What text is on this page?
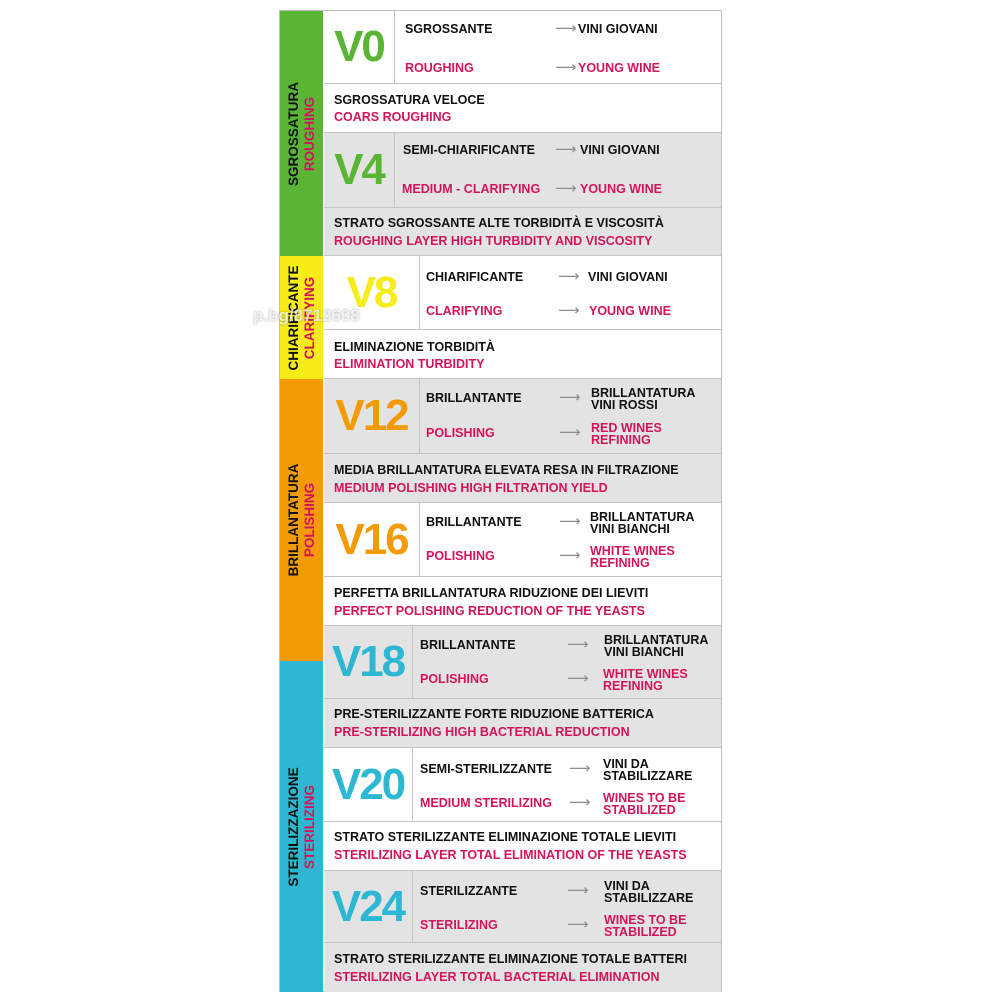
SGROSSATURA ROUGHING
CHIARIFICANTE CLARIFYING
BRILLANTATURA POLISHING
STERILIZZAZIONE STERILIZING
V0	SGROSSANTE	⟶ VINI GIOVANI
ROUGHING	⟶ YOUNG WINE
SGROSSATURA VELOCE
COARS ROUGHING
V4	SEMI-CHIARIFICANTE ⟶ VINI GIOVANI
MEDIUM - CLARIFYING ⟶ YOUNG WINE
STRATO SGROSSANTE ALTE TORBIDITÀ E VISCOSITÀ
ROUGHING LAYER HIGH TURBIDITY AND VISCOSITY
V8	CHIARIFICANTE ⟶ VINI GIOVANI
CLARIFYING	⟶ YOUNG WINE
ELIMINAZIONE TORBIDITÀ
ELIMINATION TURBIDITY
V12	BRILLANTANTE ⟶ BRILLANTATURA
VINI ROSSI
POLISHING	⟶ RED WINES
REFINING
MEDIA BRILLANTATURA ELEVATA RESA IN FILTRAZIONE
MEDIUM POLISHING HIGH FILTRATION YIELD
V16	BRILLANTANTE ⟶ BRILLANTATURA
VINI BIANCHI
POLISHING	⟶ WHITE WINES
REFINING
PERFETTA BRILLANTATURA RIDUZIONE DEI LIEVITI
PERFECT POLISHING REDUCTION OF THE YEASTS
V18	BRILLANTANTE	⟶ BRILLANTATURA
VINI BIANCHI
POLISHING	⟶ WHITE WINES
REFINING
PRE-STERILIZZANTE FORTE RIDUZIONE BATTERICA
PRE-STERILIZING HIGH BACTERIAL REDUCTION
V20	SEMI-STERILIZZANTE ⟶ VINI DA
STABILIZZARE
MEDIUM STERILIZING ⟶ WINES TO BE
STABILIZED
STRATO STERILIZZANTE ELIMINAZIONE TOTALE LIEVITI
STERILIZING LAYER TOTAL ELIMINATION OF THE YEASTS
V24	STERILIZZANTE	⟶ VINI DA
STABILIZZARE
STERILIZING	⟶ WINES TO BE
STABILIZED
STRATO STERILIZZANTE ELIMINAZIONE TOTALE BATTERI
STERILIZING LAYER TOTAL BACTERIAL ELIMINATION
p.bg/8712608
